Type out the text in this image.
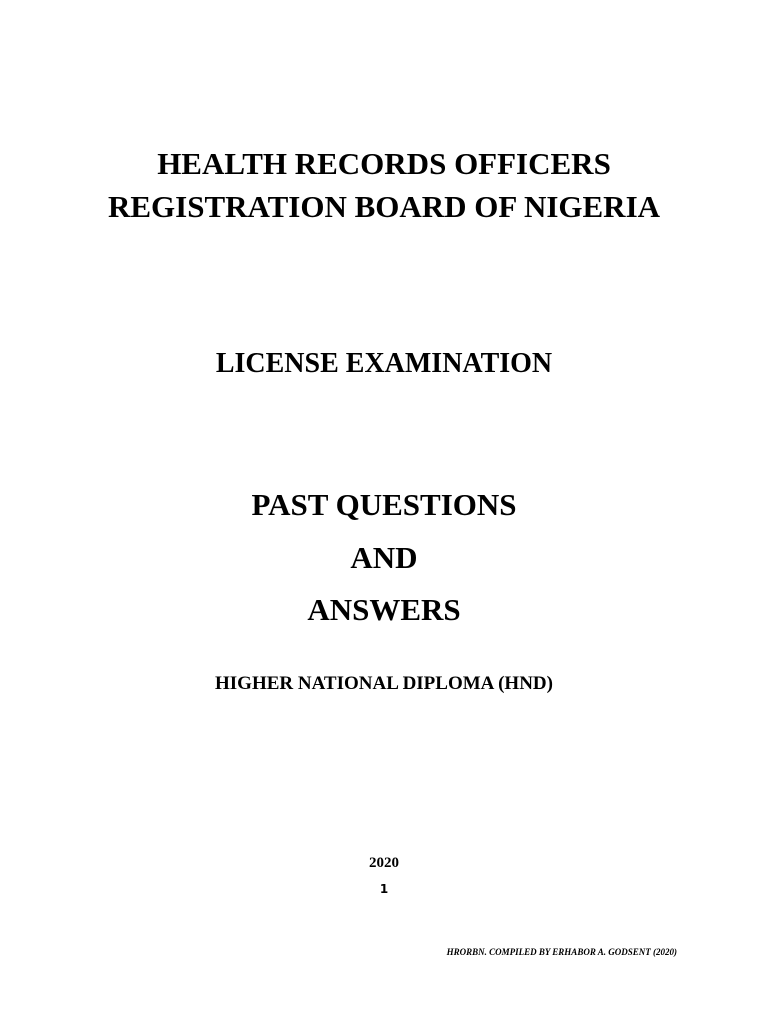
HEALTH RECORDS OFFICERS
REGISTRATION BOARD OF NIGERIA
LICENSE EXAMINATION
PAST QUESTIONS
AND
ANSWERS
HIGHER NATIONAL DIPLOMA (HND)
2020
1
HRORBN. COMPILED BY ERHABOR A. GODSENT (2020)
